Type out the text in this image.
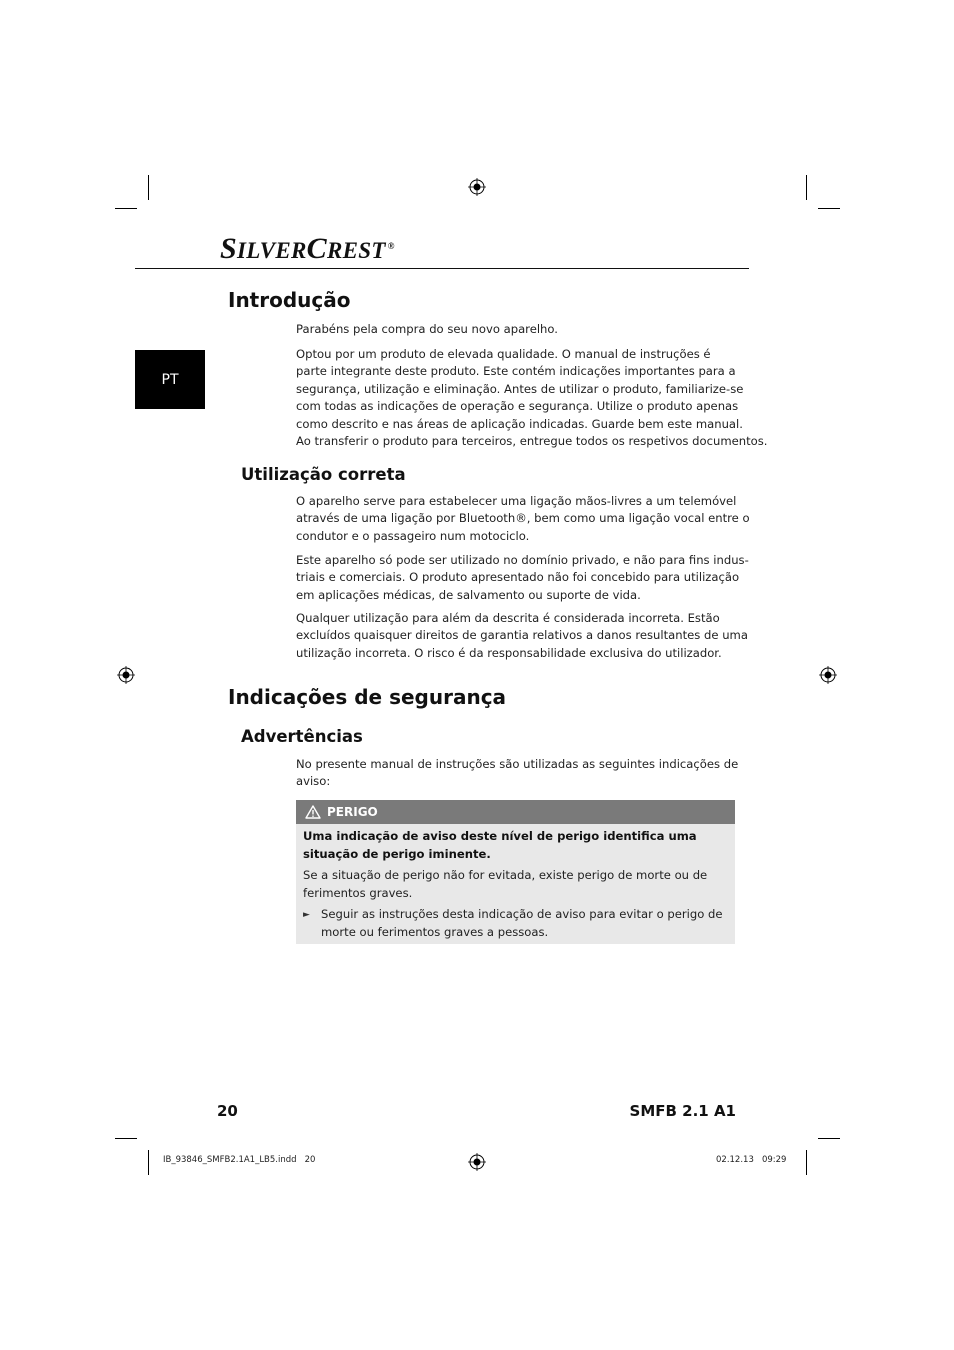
SILVERCREST ®
PT
Introdução
Parabéns pela compra do seu novo aparelho.
Optou por um produto de elevada qualidade. O manual de instruções é
parte integrante deste produto. Este contém indicações importantes para a
segurança, utilização e eliminação. Antes de utilizar o produto, familiarize-se
com todas as indicações de operação e segurança. Utilize o produto apenas
como descrito e nas áreas de aplicação indicadas. Guarde bem este manual.
Ao transferir o produto para terceiros, entregue todos os respetivos documentos.
Utilização correta
O aparelho serve para estabelecer uma ligação mãos-livres a um telemóvel
através de uma ligação por Bluetooth®, bem como uma ligação vocal entre o
condutor e o passageiro num motociclo.
Este aparelho só pode ser utilizado no domínio privado, e não para fins indus-
triais e comerciais. O produto apresentado não foi concebido para utilização
em aplicações médicas, de salvamento ou suporte de vida.
Qualquer utilização para além da descrita é considerada incorreta. Estão
excluídos quaisquer direitos de garantia relativos a danos resultantes de uma
utilização incorreta. O risco é da responsabilidade exclusiva do utilizador.
Indicações de segurança
Advertências
No presente manual de instruções são utilizadas as seguintes indicações de
aviso:
PERIGO
Uma indicação de aviso deste nível de perigo identifica uma
situação de perigo iminente.
Se a situação de perigo não for evitada, existe perigo de morte ou de
ferimentos graves.
► Seguir as instruções desta indicação de aviso para evitar o perigo de
morte ou ferimentos graves a pessoas.
20	SMFB 2.1 A1
IB_93846_SMFB2.1A1_LB5.indd   20	02.12.13   09:29
